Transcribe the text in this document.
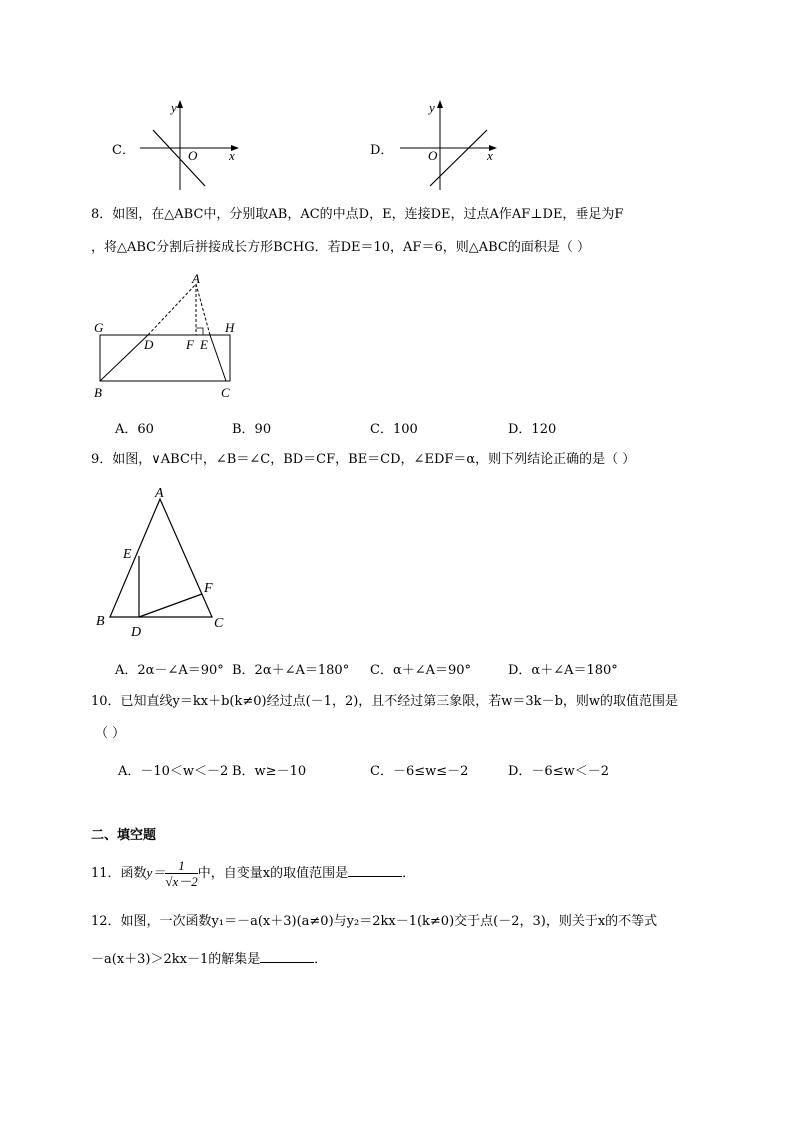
C．
y
x
O	D．
y
x
O
8．如图，在△ABC中，分别取AB，AC的中点D，E，连接DE，过点A作AF⊥DE，垂足为F
，将△ABC分割后拼接成长方形BCHG．若DE＝10，AF＝6，则△ABC的面积是（ ）
A
G	H
D	F E
B	C
A．60	B．90	C．100	D．120
9．如图，∨ABC中，∠B＝∠C，BD＝CF，BE＝CD，∠EDF＝α，则下列结论正确的是（ ）
A
E
F
B
D
C
A．2α－∠A＝90° B．2α＋∠A＝180° C．α＋∠A＝90°	D．α＋∠A＝180°
10．已知直线y＝kx＋b(k≠0)经过点(－1，2)，且不经过第三象限，若w＝3k－b，则w的取值范围是
（ ）
A．－10＜w＜－2 B．w≥－10	C．－6≤w≤－2	D．－6≤w＜－2
二、填空题
11．函数$y= \frac{1}{√x-2}$ 中，自变量x的取值范围是	．
12．如图，一次函数y₁＝－a(x＋3)(a≠0)与y₂＝2kx－1(k≠0)交于点(－2，3)，则关于x的不等式
－a(x＋3)＞2kx－1的解集是	．
